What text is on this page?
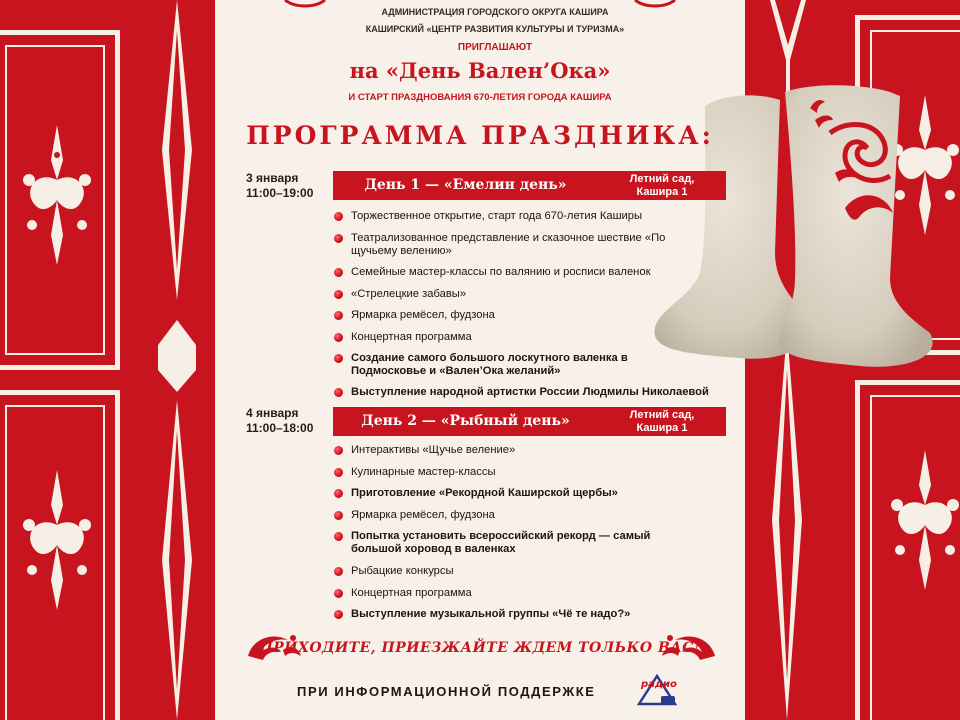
АДМИНИСТРАЦИЯ ГОРОДСКОГО ОКРУГА КАШИРА
КАШИРСКИЙ «ЦЕНТР РАЗВИТИЯ КУЛЬТУРЫ И ТУРИЗМА»
ПРИГЛАШАЮТ
на «День Вален’Ока»
И СТАРТ ПРАЗДНОВАНИЯ 670-ЛЕТИЯ ГОРОДА КАШИРА
ПРОГРАММА ПРАЗДНИКА:
3 января
11:00–19:00	День 1 — «Емелин день»	Летний сад,
Кашира 1
Торжественное открытие, старт года 670-летия Каширы
Театрализованное представление и сказочное шествие «По щучьему велению»
Семейные мастер-классы по валянию и росписи валенок
«Стрелецкие забавы»
Ярмарка ремёсел, фудзона
Концертная программа
Создание самого большого лоскутного валенка в Подмосковье и «Вален’Ока желаний»
Выступление народной артистки России Людмилы Николаевой
4 января
11:00–18:00	День 2 — «Рыбный день»	Летний сад,
Кашира 1
Интерактивы «Щучье веление»
Кулинарные мастер-классы
Приготовление «Рекордной Каширской щербы»
Ярмарка ремёсел, фудзона
Попытка установить всероссийский рекорд — самый большой хоровод в валенках
Рыбацкие конкурсы
Концертная программа
Выступление музыкальной группы «Чё те надо?»
ПРИХОДИТЕ, ПРИЕЗЖАЙТЕ ЖДЕМ ТОЛЬКО ВАС!
ПРИ ИНФОРМАЦИОННОЙ ПОДДЕРЖКЕ	радио
